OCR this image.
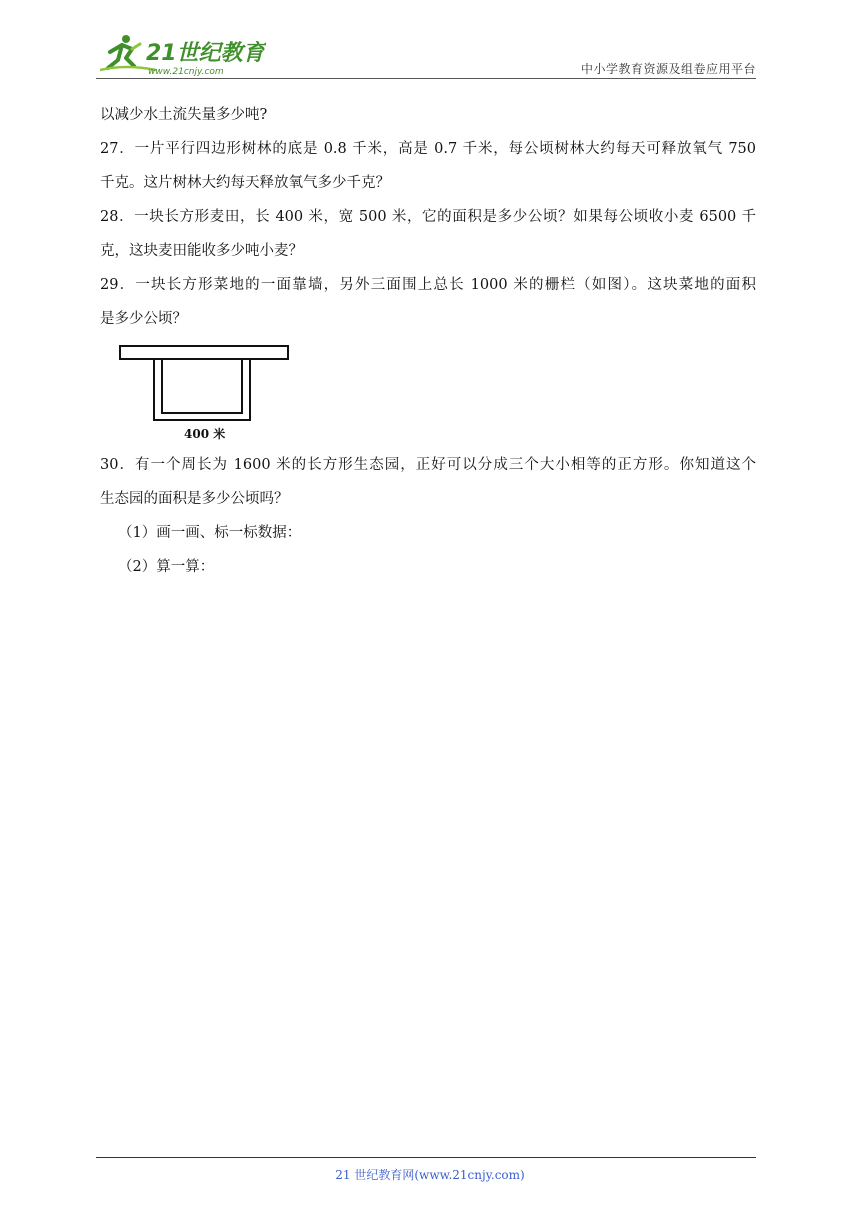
21世纪教育
www.21cnjy.com	中小学教育资源及组卷应用平台
以减少水土流失量多少吨?
27．一片平行四边形树林的底是 0.8 千米，高是 0.7 千米，每公顷树林大约每天可释放氧气 750
千克。这片树林大约每天释放氧气多少千克？
28．一块长方形麦田，长 400 米，宽 500 米，它的面积是多少公顷？如果每公顷收小麦 6500 千
克，这块麦田能收多少吨小麦？
29．一块长方形菜地的一面靠墙，另外三面围上总长 1000 米的栅栏（如图）。这块菜地的面积
是多少公顷？
400 米
30．有一个周长为 1600 米的长方形生态园，正好可以分成三个大小相等的正方形。你知道这个
生态园的面积是多少公顷吗？
（1）画一画、标一标数据：
（2）算一算：
21 世纪教育网(www.21cnjy.com)
